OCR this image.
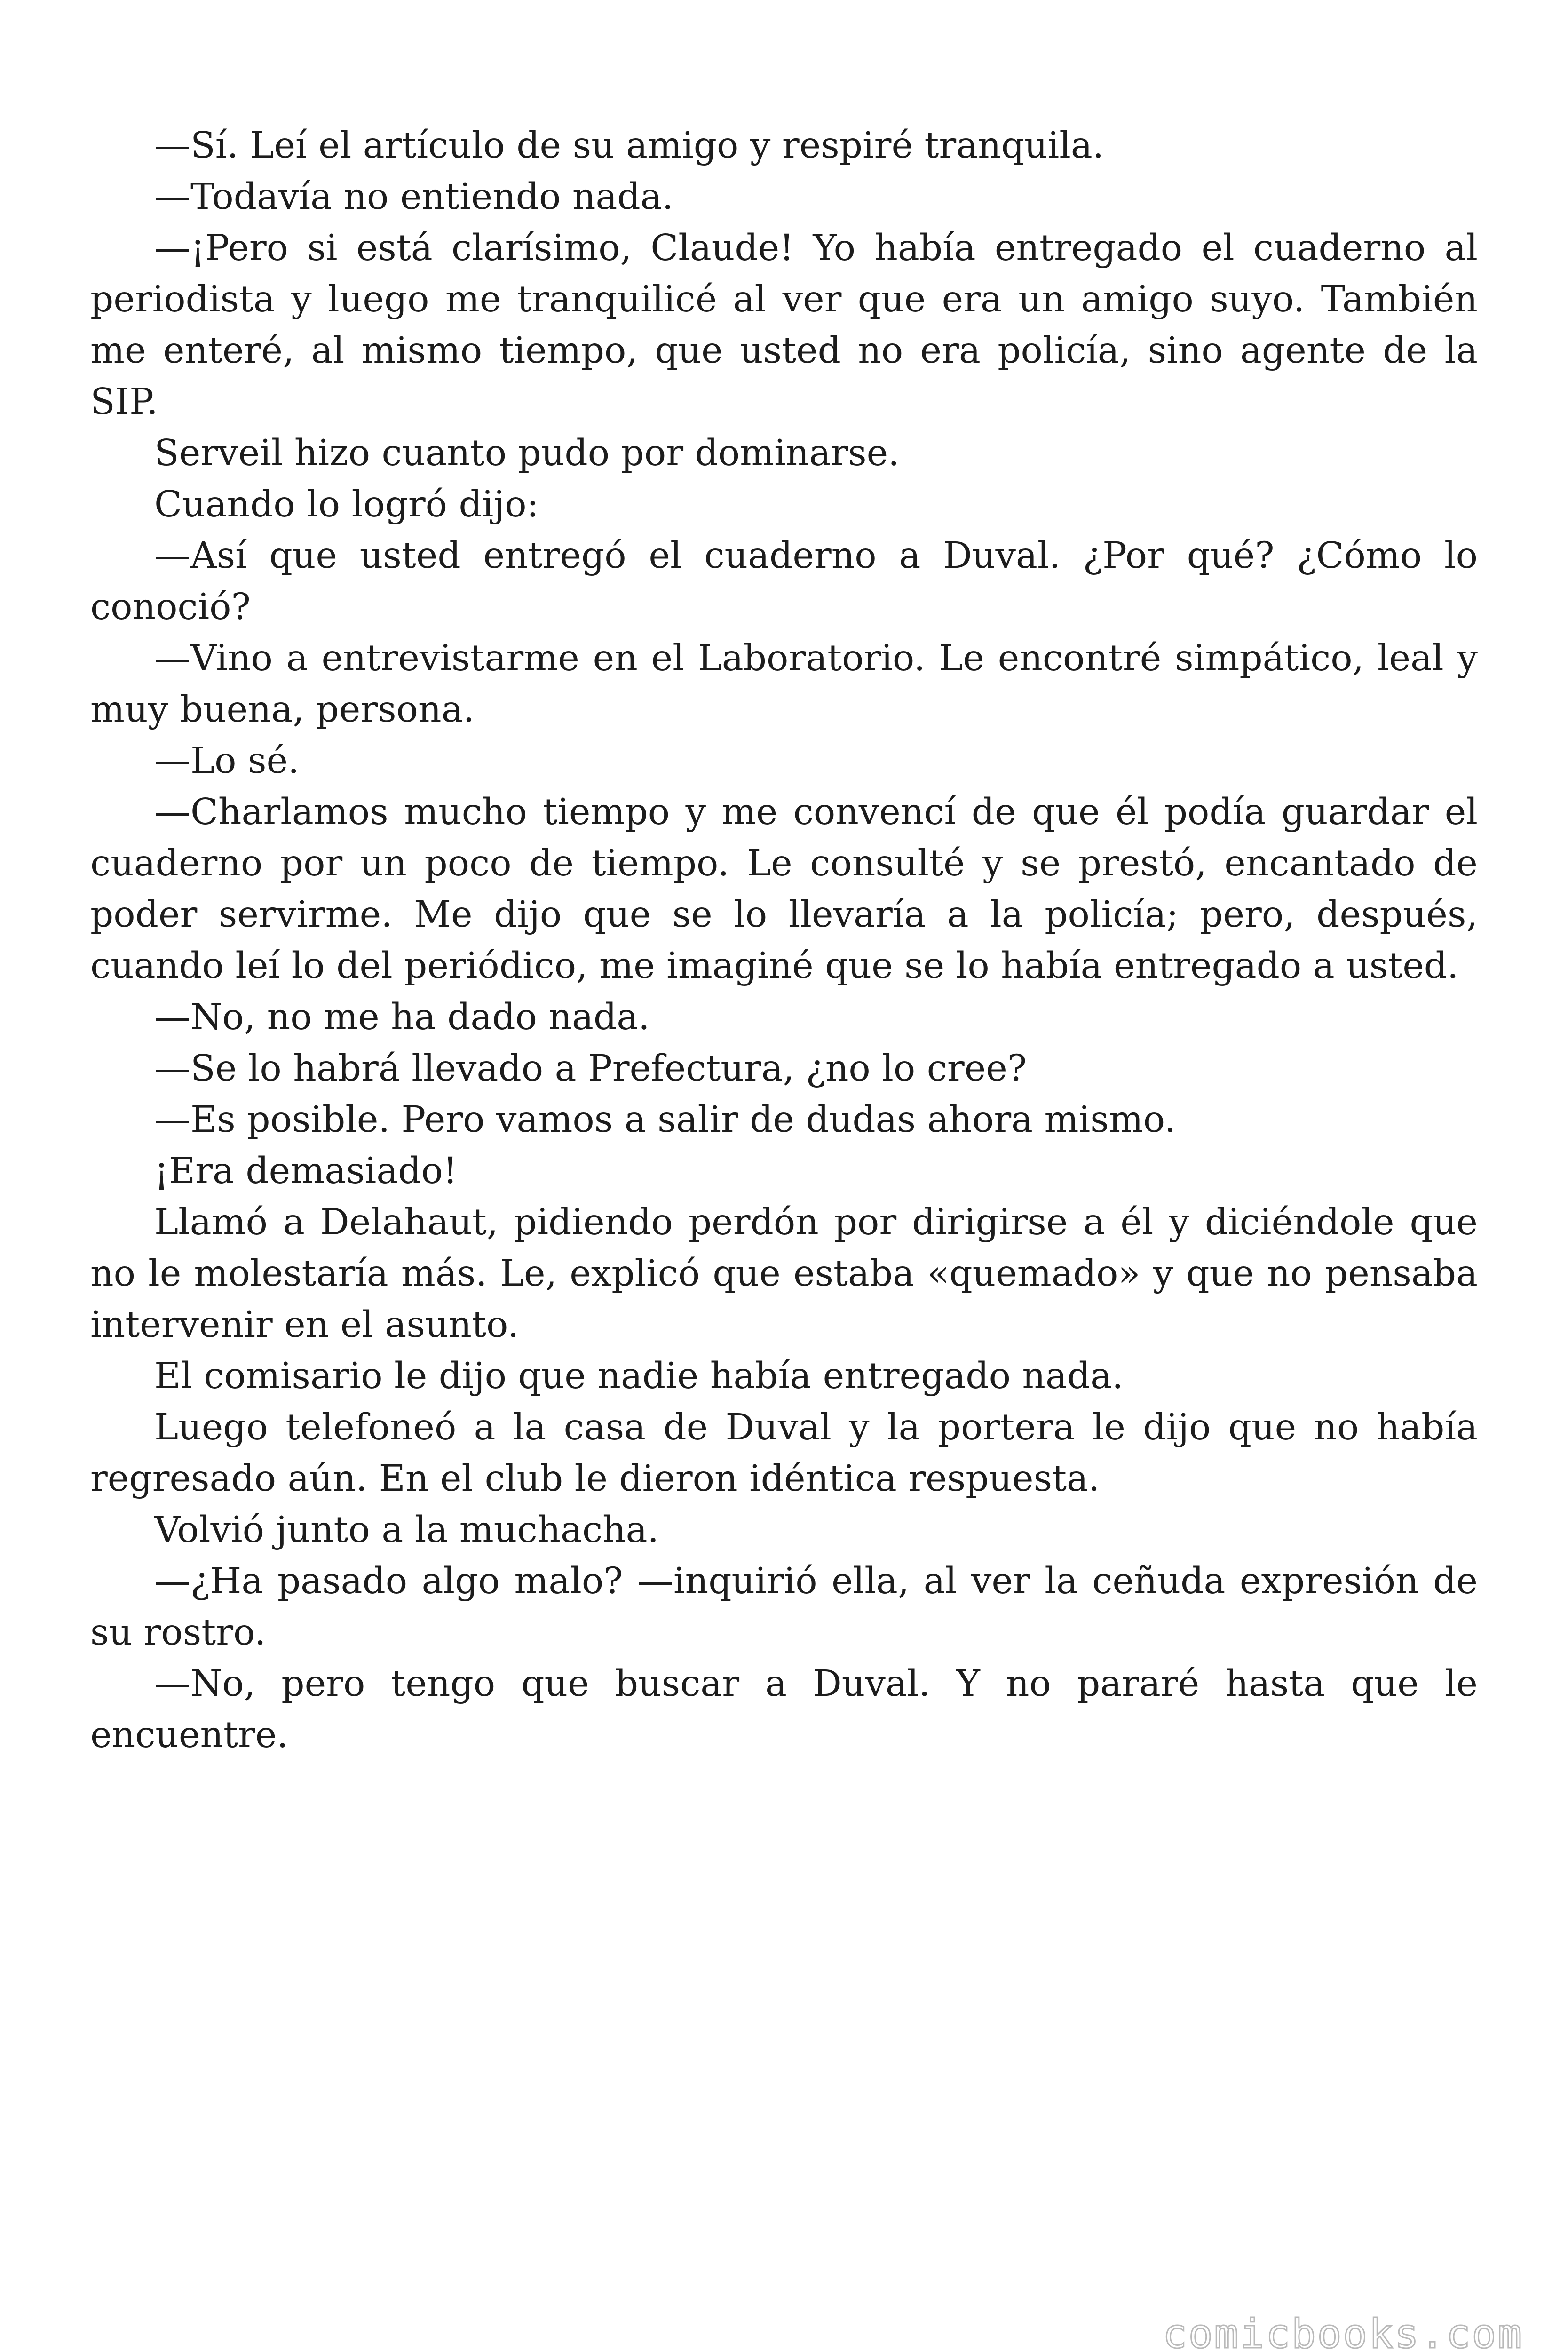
—Sí. Leí el artículo de su amigo y respiré tranquila.

—Todavía no entiendo nada.

—¡Pero si está clarísimo, Claude! Yo había entregado el cuaderno al periodista y luego me tranquilicé al ver que era un amigo suyo. También me enteré, al mismo tiempo, que usted no era policía, sino agente de la SIP.

Serveil hizo cuanto pudo por dominarse.

Cuando lo logró dijo:

—Así que usted entregó el cuaderno a Duval. ¿Por qué? ¿Cómo lo conoció?

—Vino a entrevistarme en el Laboratorio. Le encontré simpático, leal y muy buena, persona.

—Lo sé.

—Charlamos mucho tiempo y me convencí de que él podía guardar el cuaderno por un poco de tiempo. Le consulté y se prestó, encantado de poder servirme. Me dijo que se lo llevaría a la policía; pero, después, cuando leí lo del periódico, me imaginé que se lo había entregado a usted.

—No, no me ha dado nada.

—Se lo habrá llevado a Prefectura, ¿no lo cree?

—Es posible. Pero vamos a salir de dudas ahora mismo.

¡Era demasiado!

Llamó a Delahaut, pidiendo perdón por dirigirse a él y diciéndole que no le molestaría más. Le, explicó que estaba «quemado» y que no pensaba intervenir en el asunto.

El comisario le dijo que nadie había entregado nada.

Luego telefoneó a la casa de Duval y la portera le dijo que no había regresado aún. En el club le dieron idéntica respuesta.

Volvió junto a la muchacha.

—¿Ha pasado algo malo? —inquirió ella, al ver la ceñuda expresión de su rostro.

—No, pero tengo que buscar a Duval. Y no pararé hasta que le encuentre.

comicbooks.com
